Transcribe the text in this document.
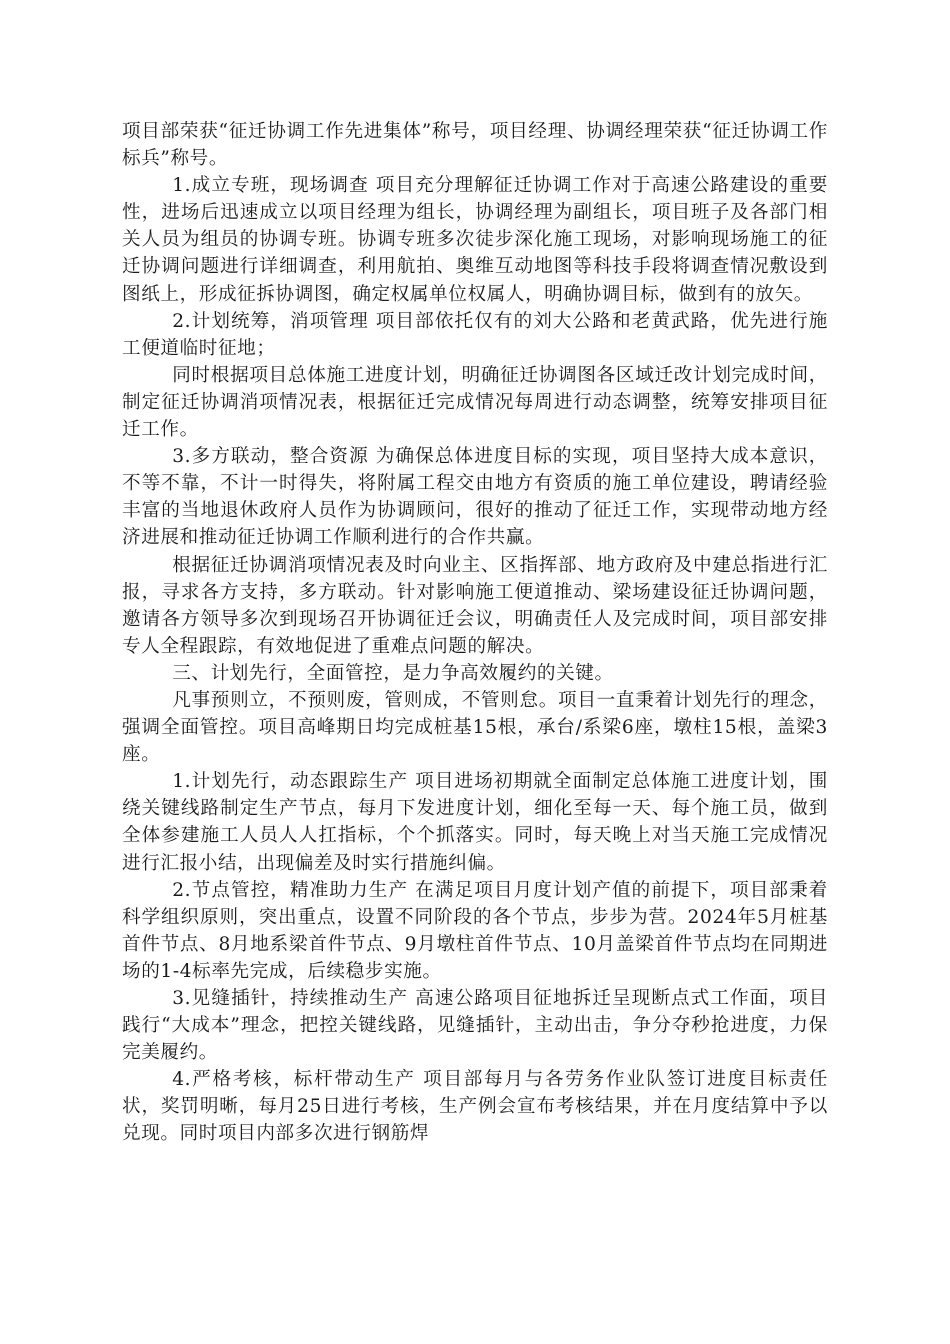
项目部荣获“征迁协调工作先进集体”称号，项目经理、协调经理荣获“征迁协调工作标兵”称号。

1.成立专班，现场调查 项目充分理解征迁协调工作对于高速公路建设的重要性，进场后迅速成立以项目经理为组长，协调经理为副组长，项目班子及各部门相关人员为组员的协调专班。协调专班多次徒步深化施工现场，对影响现场施工的征迁协调问题进行详细调查，利用航拍、奥维互动地图等科技手段将调查情况敷设到图纸上，形成征拆协调图，确定权属单位权属人，明确协调目标，做到有的放矢。

2.计划统筹，消项管理 项目部依托仅有的刘大公路和老黄武路，优先进行施工便道临时征地；

同时根据项目总体施工进度计划，明确征迁协调图各区域迁改计划完成时间，制定征迁协调消项情况表，根据征迁完成情况每周进行动态调整，统筹安排项目征迁工作。

3.多方联动，整合资源 为确保总体进度目标的实现，项目坚持大成本意识，不等不靠，不计一时得失，将附属工程交由地方有资质的施工单位建设，聘请经验丰富的当地退休政府人员作为协调顾问，很好的推动了征迁工作，实现带动地方经济进展和推动征迁协调工作顺利进行的合作共赢。

根据征迁协调消项情况表及时向业主、区指挥部、地方政府及中建总指进行汇报，寻求各方支持，多方联动。针对影响施工便道推动、梁场建设征迁协调问题，邀请各方领导多次到现场召开协调征迁会议，明确责任人及完成时间，项目部安排专人全程跟踪，有效地促进了重难点问题的解决。

三、计划先行，全面管控，是力争高效履约的关键。

凡事预则立，不预则废，管则成，不管则怠。项目一直秉着计划先行的理念，强调全面管控。项目高峰期日均完成桩基15根，承台/系梁6座，墩柱15根，盖梁3座。

1.计划先行，动态跟踪生产 项目进场初期就全面制定总体施工进度计划，围绕关键线路制定生产节点，每月下发进度计划，细化至每一天、每个施工员，做到全体参建施工人员人人扛指标，个个抓落实。同时，每天晚上对当天施工完成情况进行汇报小结，出现偏差及时实行措施纠偏。

2.节点管控，精准助力生产 在满足项目月度计划产值的前提下，项目部秉着科学组织原则，突出重点，设置不同阶段的各个节点，步步为营。2024年5月桩基首件节点、8月地系梁首件节点、9月墩柱首件节点、10月盖梁首件节点均在同期进场的1-4标率先完成，后续稳步实施。

3.见缝插针，持续推动生产 高速公路项目征地拆迁呈现断点式工作面，项目践行“大成本”理念，把控关键线路，见缝插针，主动出击，争分夺秒抢进度，力保完美履约。

4.严格考核，标杆带动生产 项目部每月与各劳务作业队签订进度目标责任状，奖罚明晰，每月25日进行考核，生产例会宣布考核结果，并在月度结算中予以兑现。同时项目内部多次进行钢筋焊
